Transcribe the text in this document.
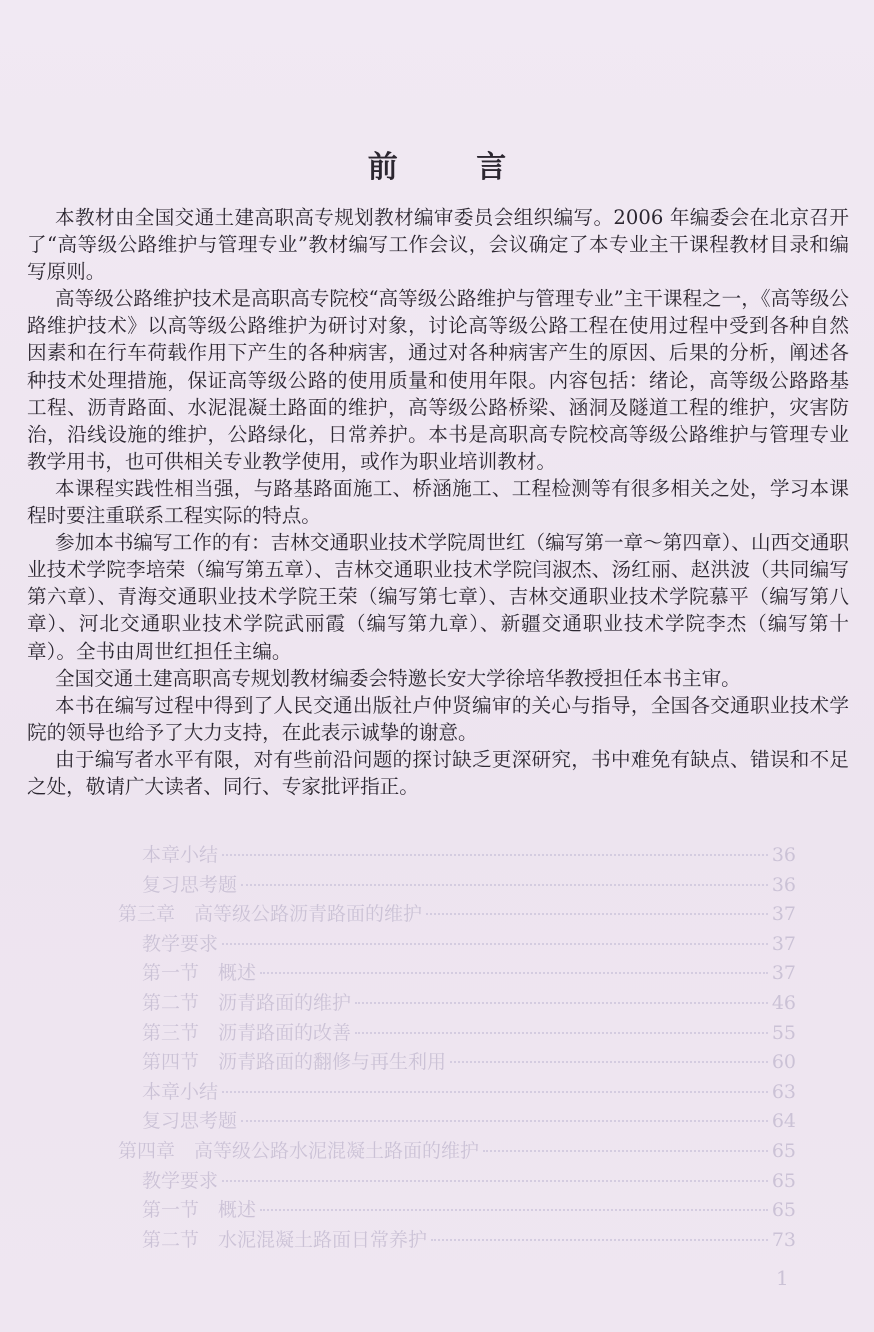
本章小结	36
复习思考题	36
第三章　高等级公路沥青路面的维护	37
教学要求	37
第一节　概述	37
第二节　沥青路面的维护	46
第三节　沥青路面的改善	55
第四节　沥青路面的翻修与再生利用	60
本章小结	63
复习思考题	64
第四章　高等级公路水泥混凝土路面的维护	65
教学要求	65
第一节　概述	65
第二节　水泥混凝土路面日常养护	73
1
前 言

本教材由全国交通土建高职高专规划教材编审委员会组织编写。2006 年编委会在北京召开了“高等级公路维护与管理专业”教材编写工作会议，会议确定了本专业主干课程教材目录和编写原则。

高等级公路维护技术是高职高专院校“高等级公路维护与管理专业”主干课程之一，《高等级公路维护技术》以高等级公路维护为研讨对象，讨论高等级公路工程在使用过程中受到各种自然因素和在行车荷载作用下产生的各种病害，通过对各种病害产生的原因、后果的分析，阐述各种技术处理措施，保证高等级公路的使用质量和使用年限。内容包括：绪论，高等级公路路基工程、沥青路面、水泥混凝土路面的维护，高等级公路桥梁、涵洞及隧道工程的维护，灾害防治，沿线设施的维护，公路绿化，日常养护。本书是高职高专院校高等级公路维护与管理专业教学用书，也可供相关专业教学使用，或作为职业培训教材。

本课程实践性相当强，与路基路面施工、桥涵施工、工程检测等有很多相关之处，学习本课程时要注重联系工程实际的特点。

参加本书编写工作的有：吉林交通职业技术学院周世红（编写第一章～第四章）、山西交通职业技术学院李培荣（编写第五章）、吉林交通职业技术学院闫淑杰、汤红丽、赵洪波（共同编写第六章）、青海交通职业技术学院王荣（编写第七章）、吉林交通职业技术学院慕平（编写第八章）、河北交通职业技术学院武丽霞（编写第九章）、新疆交通职业技术学院李杰（编写第十章）。全书由周世红担任主编。

全国交通土建高职高专规划教材编委会特邀长安大学徐培华教授担任本书主审。

本书在编写过程中得到了人民交通出版社卢仲贤编审的关心与指导，全国各交通职业技术学院的领导也给予了大力支持，在此表示诚挚的谢意。

由于编写者水平有限，对有些前沿问题的探讨缺乏更深研究，书中难免有缺点、错误和不足之处，敬请广大读者、同行、专家批评指正。
